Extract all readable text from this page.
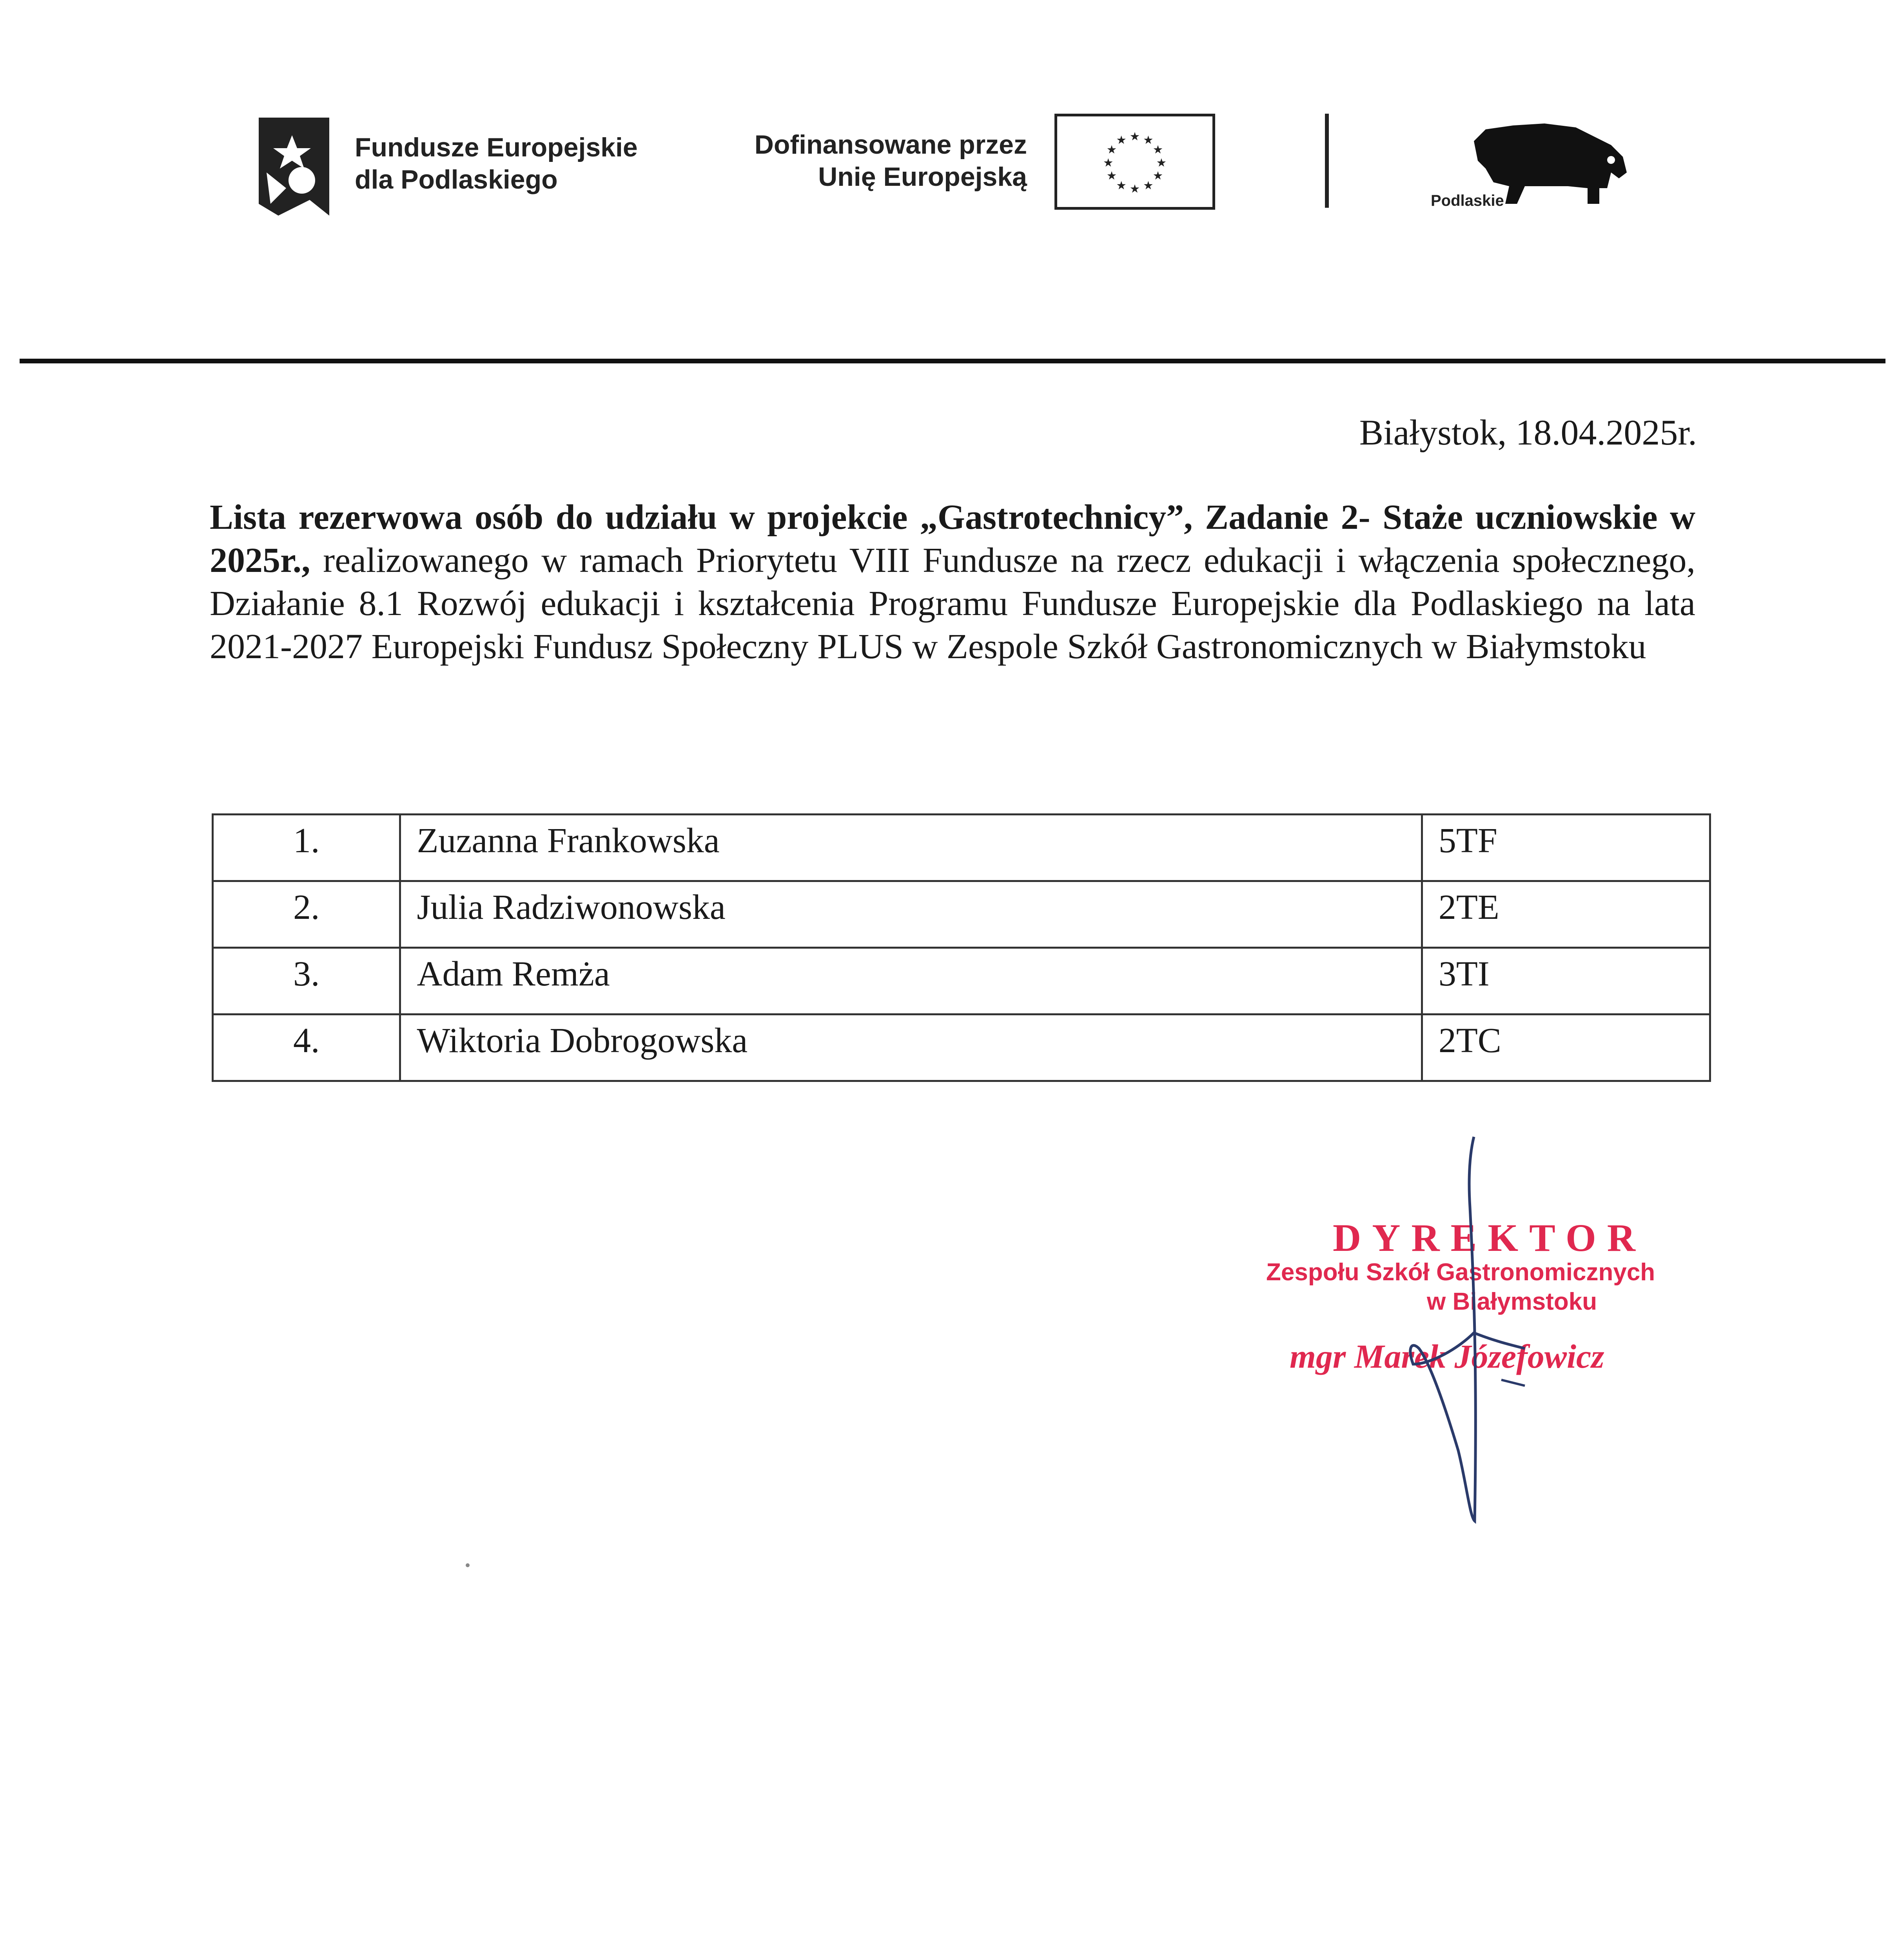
Fundusze Europejskie
dla Podlaskiego
Dofinansowane przez
Unię Europejską
★ ★
★
★
★
★
★
★
★
★
★
★
Podlaskie
Białystok, 18.04.2025r.

Lista rezerwowa osób do udziału w projekcie „Gastrotechnicy”, Zadanie 2- Staże uczniowskie w 2025r., realizowanego w ramach Priorytetu VIII Fundusze na rzecz edukacji i włączenia społecznego, Działanie 8.1 Rozwój edukacji i kształcenia Programu Fundusze Europejskie dla Podlaskiego na lata 2021-2027 Europejski Fundusz Społeczny PLUS w Zespole Szkół Gastronomicznych w Białymstoku

1.	Zuzanna Frankowska	5TF
2.	Julia Radziwonowska	2TE
3.	Adam Remża	3TI
4.	Wiktoria Dobrogowska	2TC
DYREKTOR
Zespołu Szkół Gastronomicznych
w Białymstoku
mgr Marek Józefowicz
